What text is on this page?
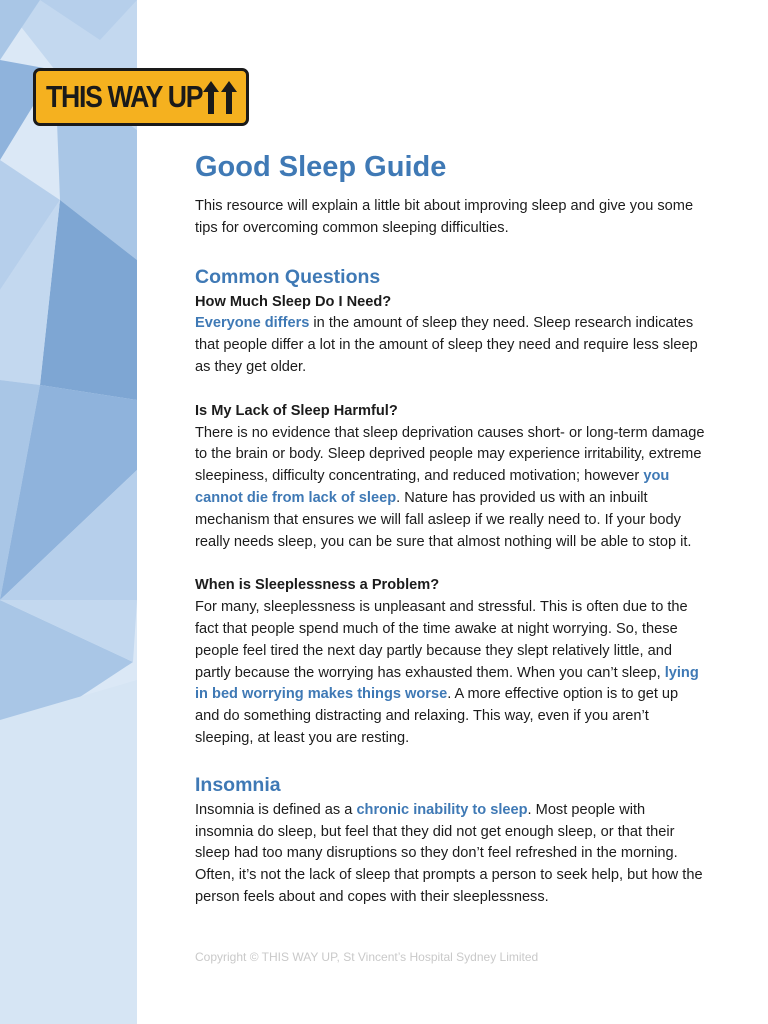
THIS WAY UP
Good Sleep Guide

This resource will explain a little bit about improving sleep and give you some tips for overcoming common sleeping difficulties.

Common Questions
How Much Sleep Do I Need?

Everyone differs in the amount of sleep they need. Sleep research indicates that people differ a lot in the amount of sleep they need and require less sleep as they get older.

Is My Lack of Sleep Harmful?

There is no evidence that sleep deprivation causes short- or long-term damage to the brain or body. Sleep deprived people may experience irritability, extreme sleepiness, difficulty concentrating, and reduced motivation; however you cannot die from lack of sleep. Nature has provided us with an inbuilt mechanism that ensures we will fall asleep if we really need to. If your body really needs sleep, you can be sure that almost nothing will be able to stop it.

When is Sleeplessness a Problem?

For many, sleeplessness is unpleasant and stressful. This is often due to the fact that people spend much of the time awake at night worrying. So, these people feel tired the next day partly because they slept relatively little, and partly because the worrying has exhausted them. When you can’t sleep, lying in bed worrying makes things worse. A more effective option is to get up and do something distracting and relaxing. This way, even if you aren’t sleeping, at least you are resting.

Insomnia

Insomnia is defined as a chronic inability to sleep. Most people with insomnia do sleep, but feel that they did not get enough sleep, or that their sleep had too many disruptions so they don’t feel refreshed in the morning. Often, it’s not the lack of sleep that prompts a person to seek help, but how the person feels about and copes with their sleeplessness.

Copyright © THIS WAY UP, St Vincent’s Hospital Sydney Limited
